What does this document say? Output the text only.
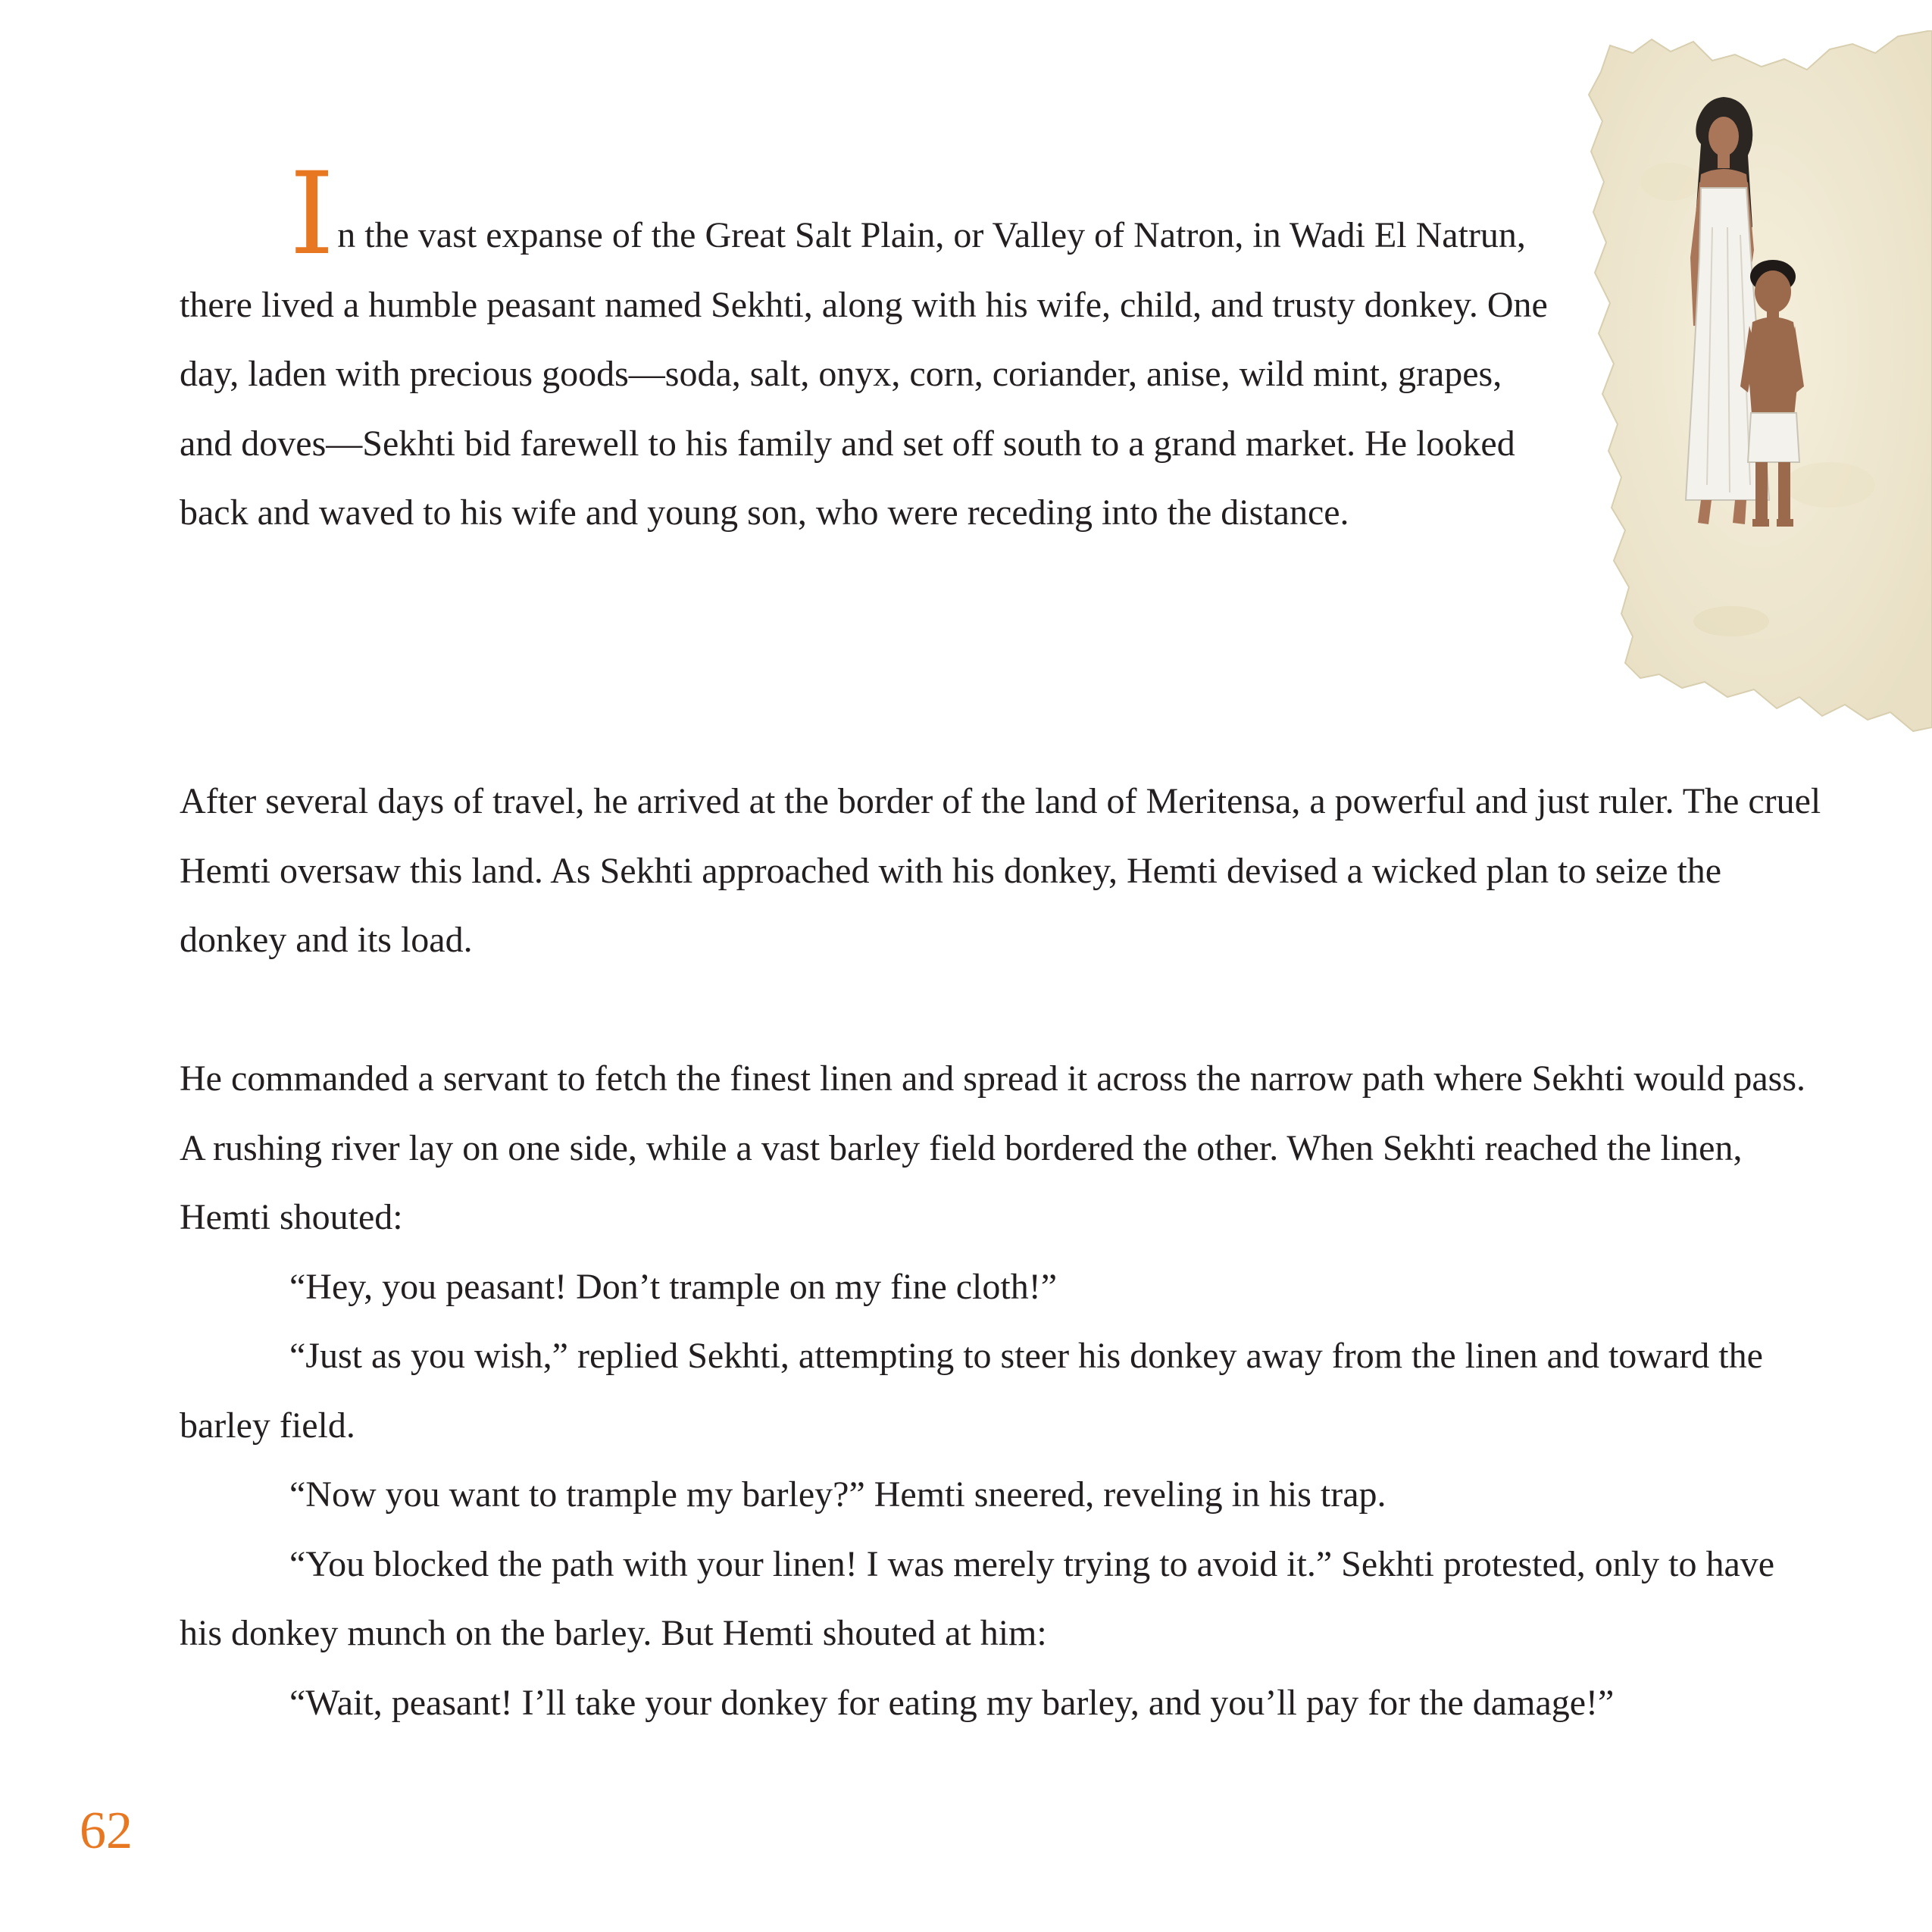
In the vast expanse of the Great Salt Plain, or Valley of Natron, in Wadi El Natrun, there lived a humble peasant named Sekhti, along with his wife, child, and trusty donkey. One day, laden with precious goods—soda, salt, onyx, corn, coriander, anise, wild mint, grapes, and doves—Sekhti bid farewell to his family and set off south to a grand market. He looked back and waved to his wife and young son, who were receding into the distance.

After several days of travel, he arrived at the border of the land of Meritensa, a powerful and just ruler. The cruel Hemti oversaw this land. As Sekhti approached with his donkey, Hemti devised a wicked plan to seize the donkey and its load.

He commanded a servant to fetch the finest linen and spread it across the narrow path where Sekhti would pass. A rushing river lay on one side, while a vast barley field bordered the other. When Sekhti reached the linen, Hemti shouted:
“Hey, you peasant! Don’t trample on my fine cloth!”
“Just as you wish,” replied Sekhti, attempting to steer his donkey away from the linen and toward the barley field.
“Now you want to trample my barley?” Hemti sneered, reveling in his trap.
“You blocked the path with your linen! I was merely trying to avoid it.” Sekhti protested, only to have his donkey munch on the barley. But Hemti shouted at him:
“Wait, peasant! I’ll take your donkey for eating my barley, and you’ll pay for the damage!”
62
